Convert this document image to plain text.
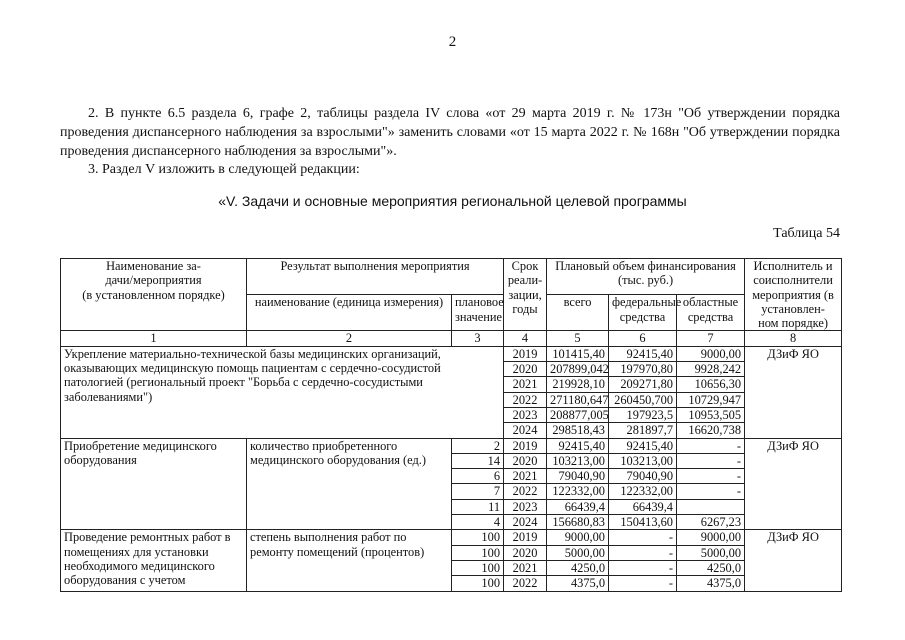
2
2. В пункте 6.5 раздела 6, графе 2, таблицы раздела IV слова «от 29 марта 2019 г. № 173н "Об утверждении порядка проведения диспансерного наблюдения за взрослыми"» заменить словами «от 15 марта 2022 г. № 168н "Об утверждении порядка проведения диспансерного наблюдения за взрослыми"».
3. Раздел V изложить в следующей редакции:
«V. Задачи и основные мероприятия региональной целевой программы
Таблица 54
Наименование за-
дачи/мероприятия
(в установленном порядке)	Результат выполнения мероприятия		Срок реали-
зации, годы	Плановый объем финансирования (тыс. руб.)			Исполнитель и соисполнители мероприятия (в установлен-
ном порядке)
	наименование (единица измерения)	плановое значение		всего	федеральные средства	областные средства	
1	2	3	4	5	6	7	8
Укрепление материально-технической базы медицинских организаций, оказывающих медицинскую помощь пациентам с сердечно-сосудистой патологией (региональный проект "Борьба с сердечно-сосудистыми заболеваниями")			2019	101415,40	92415,40	9000,00	ДЗиФ ЯО
			2020	207899,042	197970,80	9928,242	
			2021	219928,10	209271,80	10656,30	
			2022	271180,647	260450,700	10729,947	
			2023	208877,005	197923,5	10953,505	
			2024	298518,43	281897,7	16620,738	
Приобретение медицинского оборудования	количество приобретенного медицинского оборудования (ед.)	2	2019	92415,40	92415,40	-	ДЗиФ ЯО
		14	2020	103213,00	103213,00	-	
		6	2021	79040,90	79040,90	-	
		7	2022	122332,00	122332,00	-	
		11	2023	66439,4	66439,4		
		4	2024	156680,83	150413,60	6267,23	
Проведение ремонтных работ в помещениях для установки необходимого медицинского оборудования с учетом	степень выполнения работ по ремонту помещений (процентов)	100	2019	9000,00	-	9000,00	ДЗиФ ЯО
		100	2020	5000,00	-	5000,00	
		100	2021	4250,0	-	4250,0	
		100	2022	4375,0	-	4375,0	
